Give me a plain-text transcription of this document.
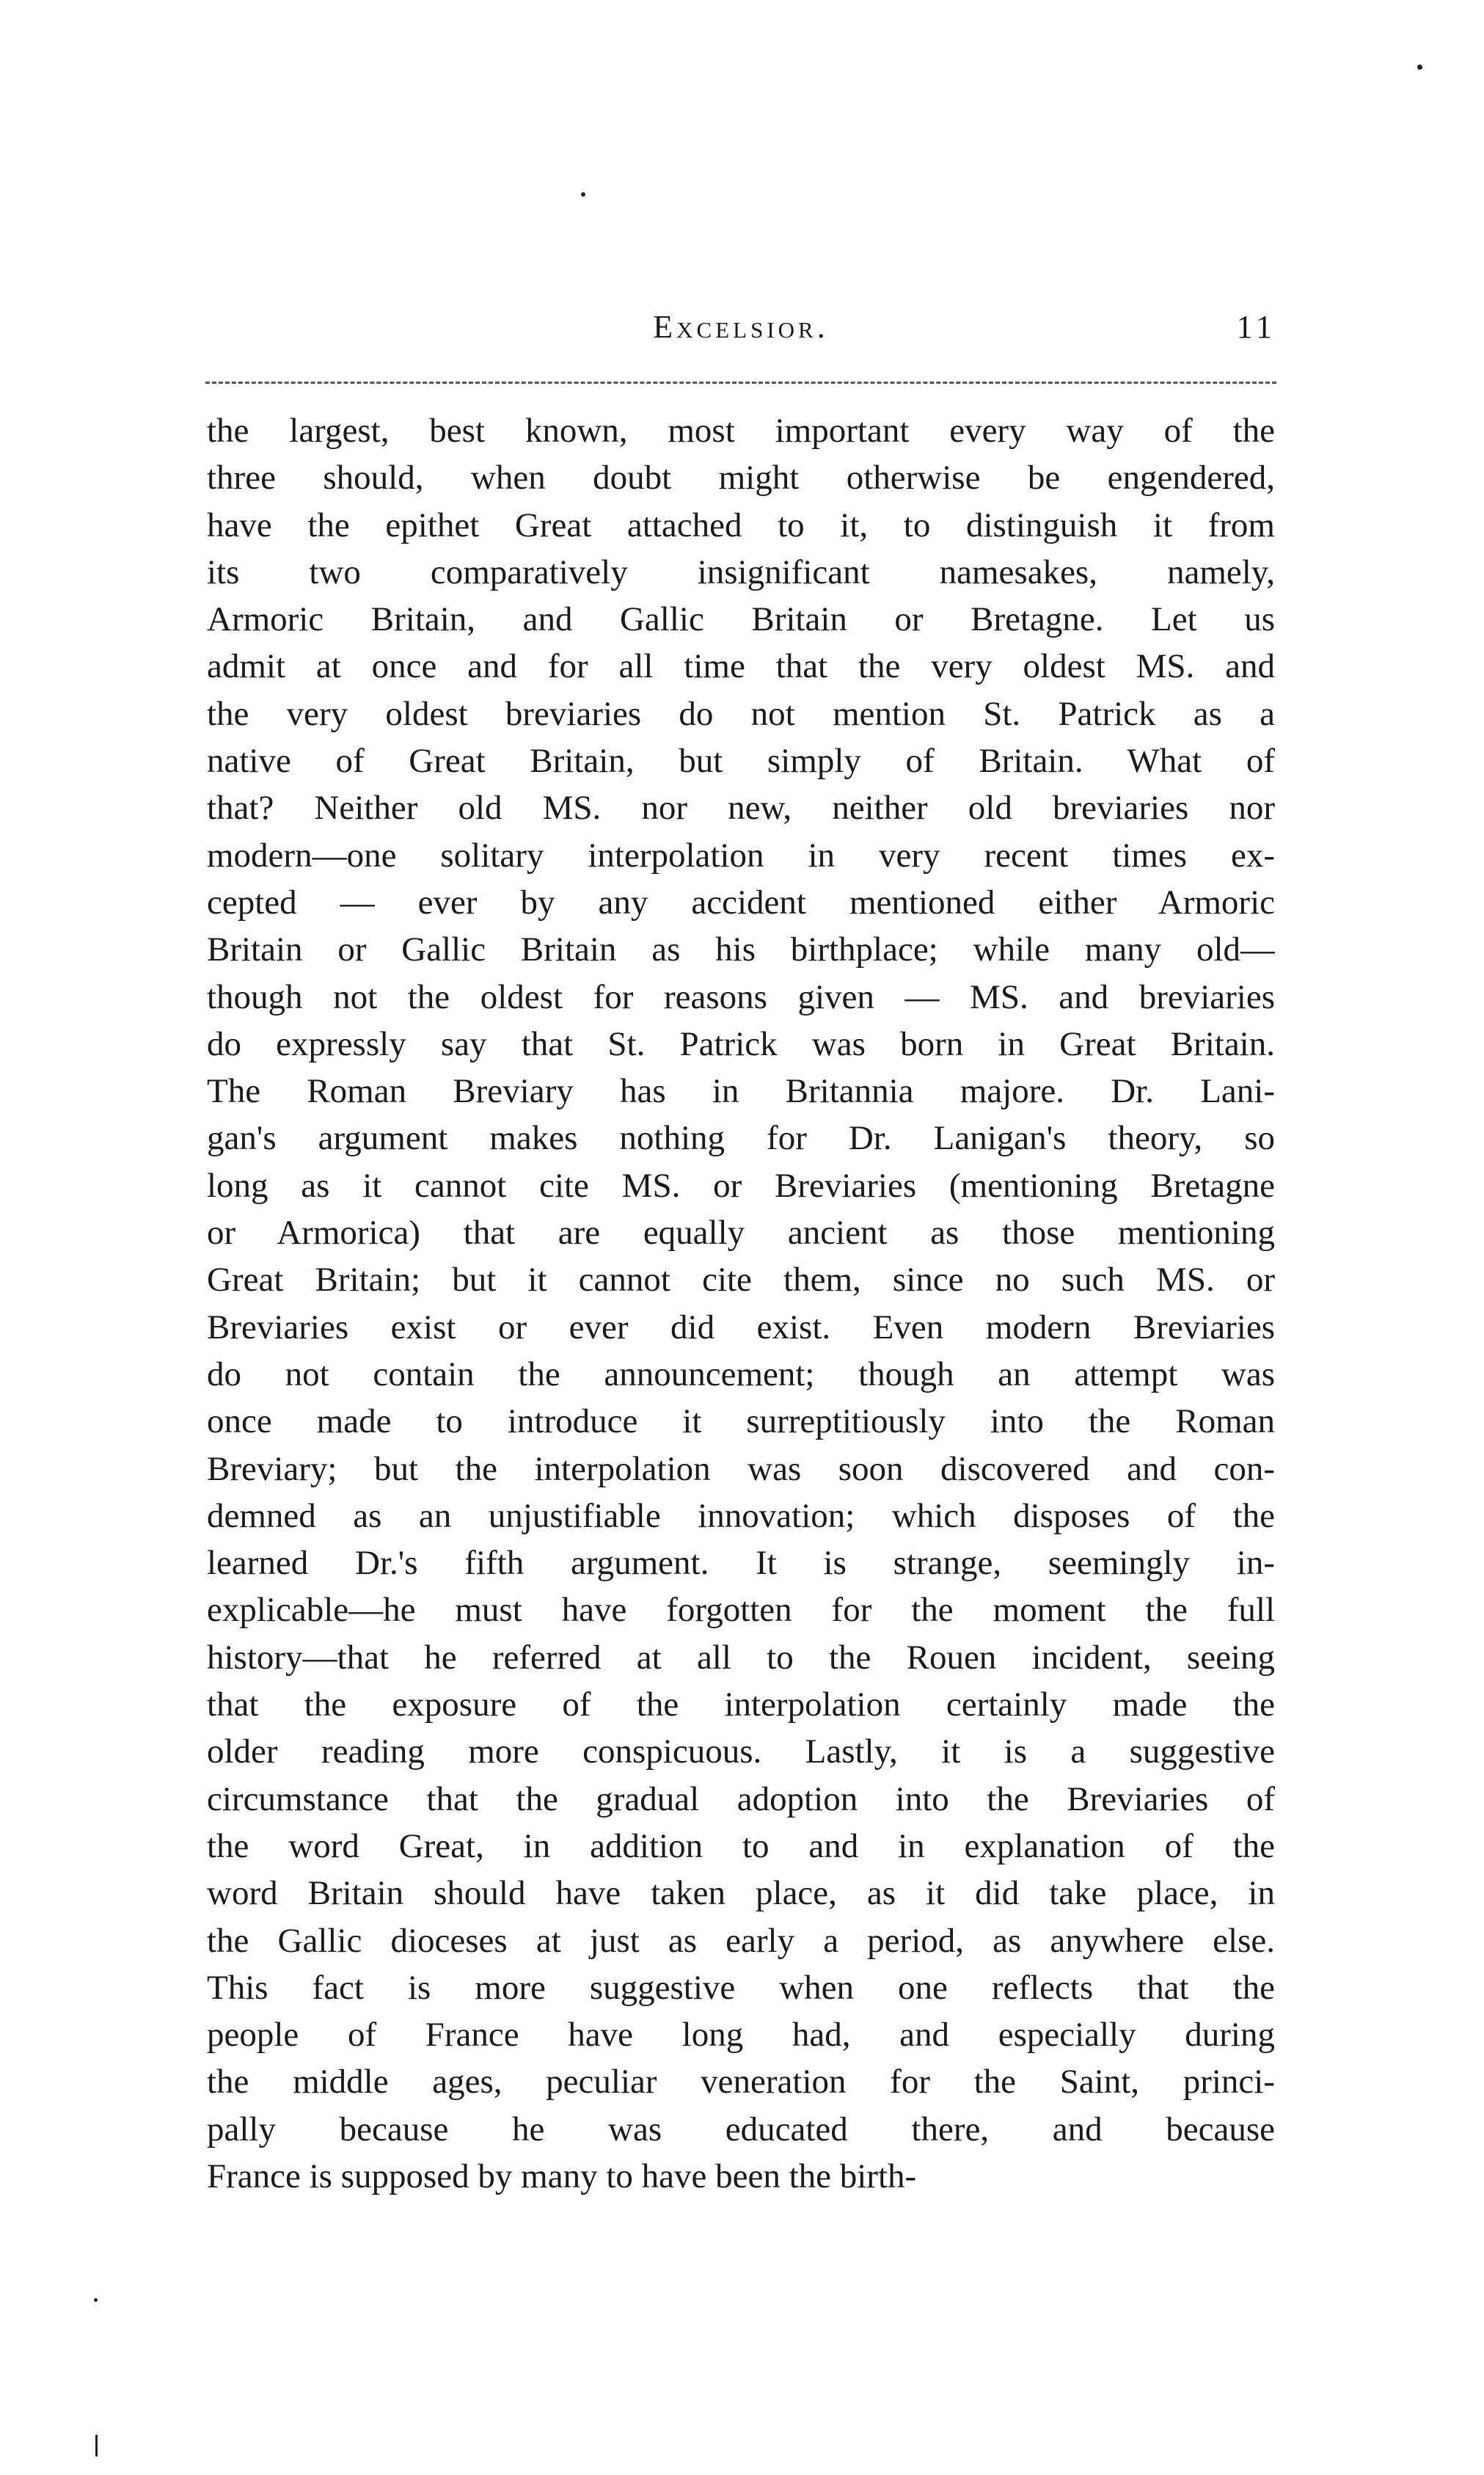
Excelsior.	11
the largest, best known, most important every way of the
three should, when doubt might otherwise be engendered,
have the epithet Great attached to it, to distinguish it from
its two comparatively insignificant namesakes, namely,
Armoric Britain, and Gallic Britain or Bretagne. Let us
admit at once and for all time that the very oldest MS. and
the very oldest breviaries do not mention St. Patrick as a
native of Great Britain, but simply of Britain. What of
that? Neither old MS. nor new, neither old breviaries nor
modern—one solitary interpolation in very recent times ex-
cepted — ever by any accident mentioned either Armoric
Britain or Gallic Britain as his birthplace; while many old—
though not the oldest for reasons given — MS. and breviaries
do expressly say that St. Patrick was born in Great Britain.
The Roman Breviary has in Britannia majore. Dr. Lani-
gan's argument makes nothing for Dr. Lanigan's theory, so
long as it cannot cite MS. or Breviaries (mentioning Bretagne
or Armorica) that are equally ancient as those mentioning
Great Britain; but it cannot cite them, since no such MS. or
Breviaries exist or ever did exist. Even modern Breviaries
do not contain the announcement; though an attempt was
once made to introduce it surreptitiously into the Roman
Breviary; but the interpolation was soon discovered and con-
demned as an unjustifiable innovation; which disposes of the
learned Dr.'s fifth argument. It is strange, seemingly in-
explicable—he must have forgotten for the moment the full
history—that he referred at all to the Rouen incident, seeing
that the exposure of the interpolation certainly made the
older reading more conspicuous. Lastly, it is a suggestive
circumstance that the gradual adoption into the Breviaries of
the word Great, in addition to and in explanation of the
word Britain should have taken place, as it did take place, in
the Gallic dioceses at just as early a period, as anywhere else.
This fact is more suggestive when one reflects that the
people of France have long had, and especially during
the middle ages, peculiar veneration for the Saint, princi-
pally because he was educated there, and because
France is supposed by many to have been the birth-
